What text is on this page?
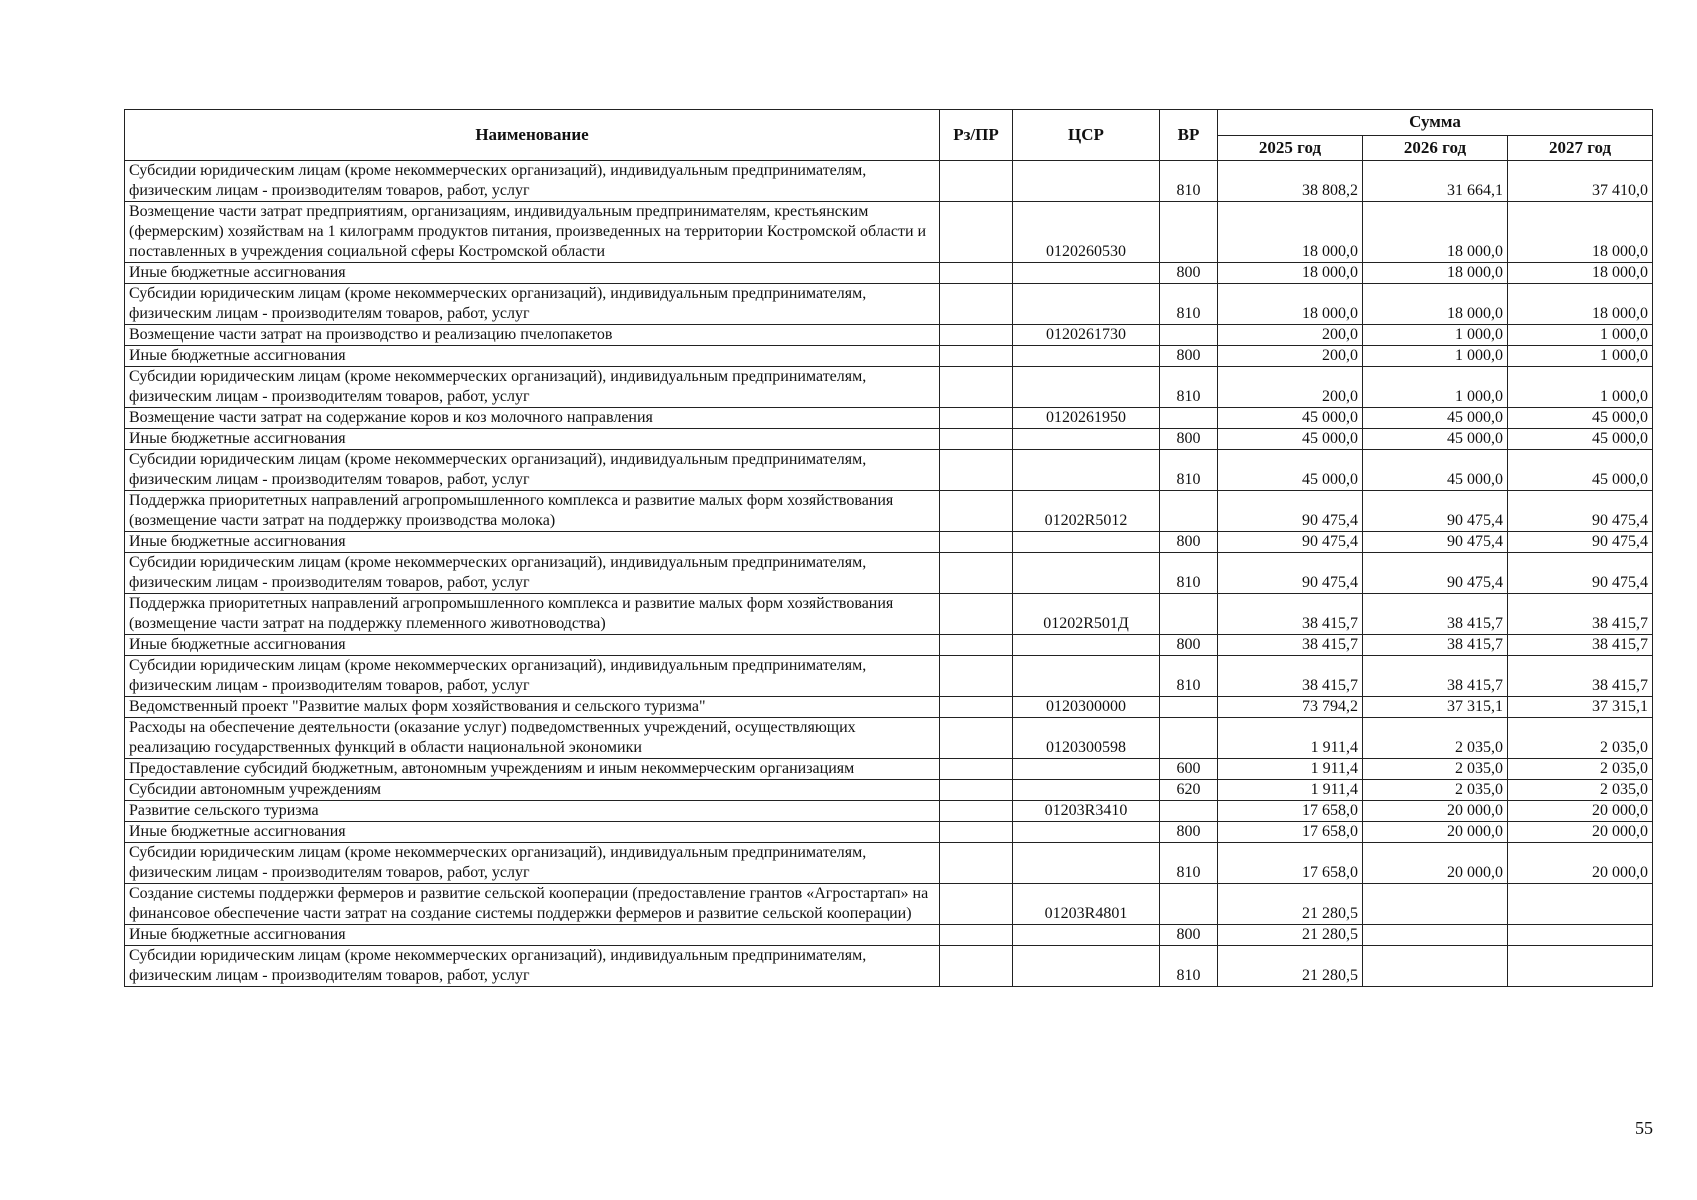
Наименование	Рз/ПР	ЦСР	ВР	Сумма		
				2025 год	2026 год	2027 год
Субсидии юридическим лицам (кроме некоммерческих организаций), индивидуальным предпринимателям, физическим лицам - производителям товаров, работ, услуг			810	38 808,2	31 664,1	37 410,0
Возмещение части затрат предприятиям, организациям, индивидуальным предпринимателям, крестьянским (фермерским) хозяйствам на 1 килограмм продуктов питания, произведенных на территории Костромской области и поставленных в учреждения социальной сферы Костромской области		0120260530		18 000,0	18 000,0	18 000,0
Иные бюджетные ассигнования			800	18 000,0	18 000,0	18 000,0
Субсидии юридическим лицам (кроме некоммерческих организаций), индивидуальным предпринимателям, физическим лицам - производителям товаров, работ, услуг			810	18 000,0	18 000,0	18 000,0
Возмещение части затрат на производство и реализацию пчелопакетов		0120261730		200,0	1 000,0	1 000,0
Иные бюджетные ассигнования			800	200,0	1 000,0	1 000,0
Субсидии юридическим лицам (кроме некоммерческих организаций), индивидуальным предпринимателям, физическим лицам - производителям товаров, работ, услуг			810	200,0	1 000,0	1 000,0
Возмещение части затрат на содержание коров и коз молочного направления		0120261950		45 000,0	45 000,0	45 000,0
Иные бюджетные ассигнования			800	45 000,0	45 000,0	45 000,0
Субсидии юридическим лицам (кроме некоммерческих организаций), индивидуальным предпринимателям, физическим лицам - производителям товаров, работ, услуг			810	45 000,0	45 000,0	45 000,0
Поддержка приоритетных направлений агропромышленного комплекса и развитие малых форм хозяйствования (возмещение части затрат на поддержку производства молока)		01202R5012		90 475,4	90 475,4	90 475,4
Иные бюджетные ассигнования			800	90 475,4	90 475,4	90 475,4
Субсидии юридическим лицам (кроме некоммерческих организаций), индивидуальным предпринимателям, физическим лицам - производителям товаров, работ, услуг			810	90 475,4	90 475,4	90 475,4
Поддержка приоритетных направлений агропромышленного комплекса и развитие малых форм хозяйствования (возмещение части затрат на поддержку племенного животноводства)		01202R501Д		38 415,7	38 415,7	38 415,7
Иные бюджетные ассигнования			800	38 415,7	38 415,7	38 415,7
Субсидии юридическим лицам (кроме некоммерческих организаций), индивидуальным предпринимателям, физическим лицам - производителям товаров, работ, услуг			810	38 415,7	38 415,7	38 415,7
Ведомственный проект "Развитие малых форм хозяйствования и сельского туризма"		0120300000		73 794,2	37 315,1	37 315,1
Расходы на обеспечение деятельности (оказание услуг) подведомственных учреждений, осуществляющих реализацию государственных функций в области национальной экономики		0120300598		1 911,4	2 035,0	2 035,0
Предоставление субсидий бюджетным, автономным учреждениям и иным некоммерческим организациям			600	1 911,4	2 035,0	2 035,0
Субсидии автономным учреждениям			620	1 911,4	2 035,0	2 035,0
Развитие сельского туризма		01203R3410		17 658,0	20 000,0	20 000,0
Иные бюджетные ассигнования			800	17 658,0	20 000,0	20 000,0
Субсидии юридическим лицам (кроме некоммерческих организаций), индивидуальным предпринимателям, физическим лицам - производителям товаров, работ, услуг			810	17 658,0	20 000,0	20 000,0
Создание системы поддержки фермеров и развитие сельской кооперации (предоставление грантов «Агростартап» на финансовое обеспечение части затрат на создание системы поддержки фермеров и развитие сельской кооперации)		01203R4801		21 280,5		
Иные бюджетные ассигнования			800	21 280,5		
Субсидии юридическим лицам (кроме некоммерческих организаций), индивидуальным предпринимателям, физическим лицам - производителям товаров, работ, услуг			810	21 280,5		
55
